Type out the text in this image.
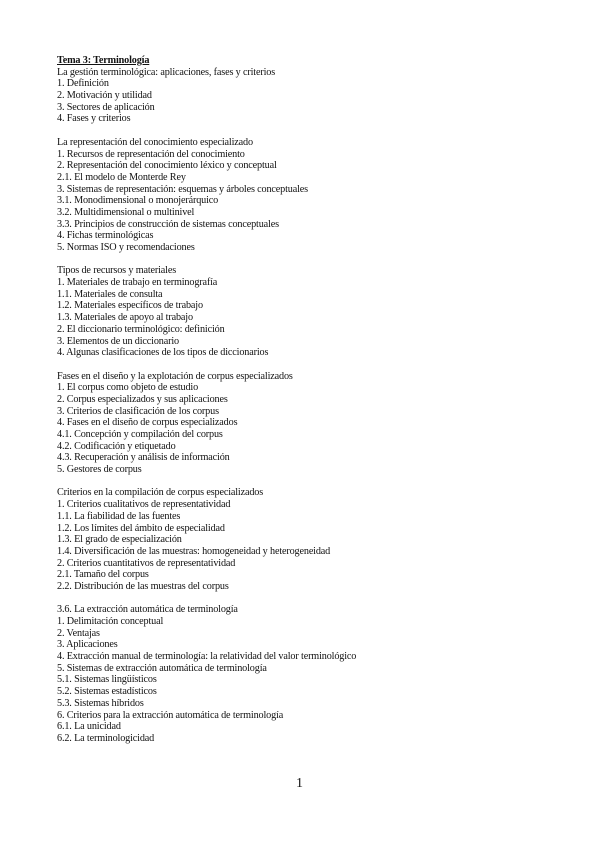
Tema 3: Terminología
La gestión terminológica: aplicaciones, fases y criterios
1. Definición
2. Motivación y utilidad
3. Sectores de aplicación
4. Fases y criterios
La representación del conocimiento especializado
1. Recursos de representación del conocimiento
2. Representación del conocimiento léxico y conceptual
2.1. El modelo de Monterde Rey
3. Sistemas de representación: esquemas y árboles conceptuales
3.1. Monodimensional o monojerárquico
3.2. Multidimensional o multinivel
3.3. Principios de construcción de sistemas conceptuales
4. Fichas terminológicas
5. Normas ISO y recomendaciones
Tipos de recursos y materiales
1. Materiales de trabajo en terminografía
1.1. Materiales de consulta
1.2. Materiales específicos de trabajo
1.3. Materiales de apoyo al trabajo
2. El diccionario terminológico: definición
3. Elementos de un diccionario
4. Algunas clasificaciones de los tipos de diccionarios
Fases en el diseño y la explotación de corpus especializados
1. El corpus como objeto de estudio
2. Corpus especializados y sus aplicaciones
3. Criterios de clasificación de los corpus
4. Fases en el diseño de corpus especializados
4.1. Concepción y compilación del corpus
4.2. Codificación y etiquetado
4.3. Recuperación y análisis de información
5. Gestores de corpus
Criterios en la compilación de corpus especializados
1. Criterios cualitativos de representatividad
1.1. La fiabilidad de las fuentes
1.2. Los límites del ámbito de especialidad
1.3. El grado de especialización
1.4. Diversificación de las muestras: homogeneidad y heterogeneidad
2. Criterios cuantitativos de representatividad
2.1. Tamaño del corpus
2.2. Distribución de las muestras del corpus
3.6. La extracción automática de terminología
1. Delimitación conceptual
2. Ventajas
3. Aplicaciones
4. Extracción manual de terminología: la relatividad del valor terminológico
5. Sistemas de extracción automática de terminología
5.1. Sistemas lingüísticos
5.2. Sistemas estadísticos
5.3. Sistemas híbridos
6. Criterios para la extracción automática de terminología
6.1. La unicidad
6.2. La terminologicidad
1
